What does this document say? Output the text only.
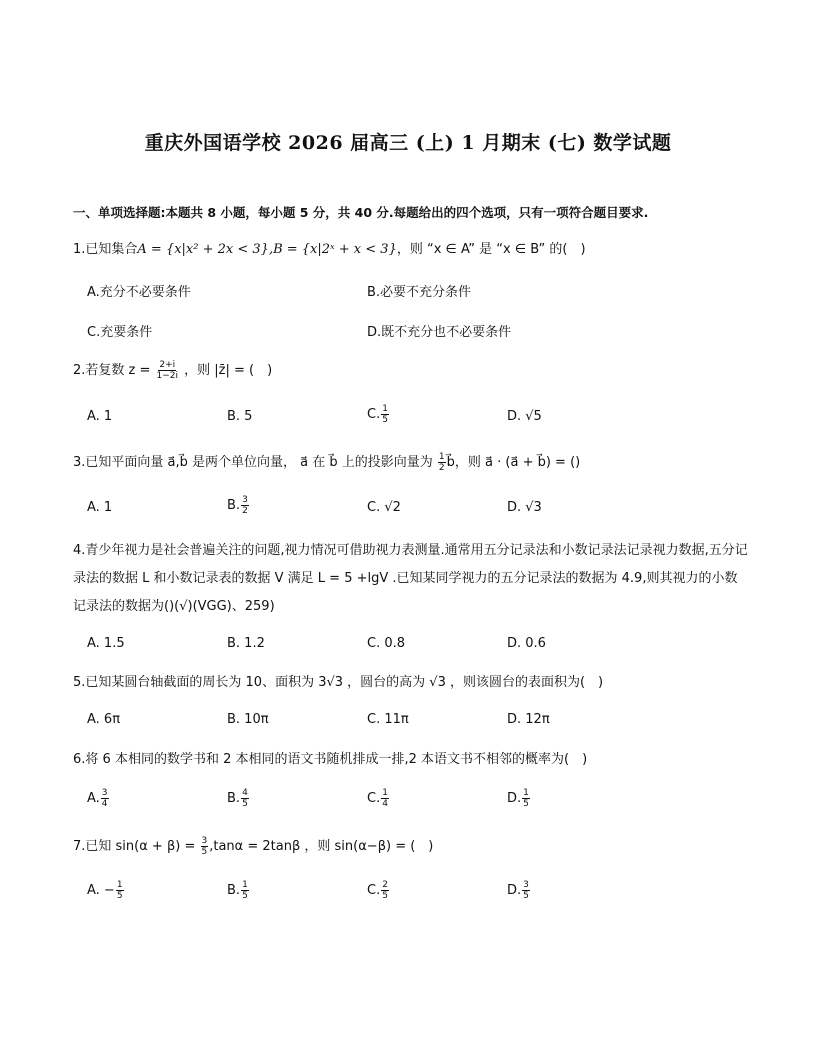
重庆外国语学校 2026 届高三 (上) 1 月期末 (七) 数学试题
一、单项选择题:本题共 8 小题，每小题 5 分，共 40 分.每题给出的四个选项，只有一项符合题目要求.
1.已知集合A = {x|x² + 2x < 3},B = {x|2ˣ + x < 3}，则 “x ∈ A” 是 “x ∈ B” 的(　)
A.充分不必要条件	B.必要不充分条件
C.充要条件	D.既不充分也不必要条件
2.若复数 $z = \frac{2+i}{1-2i}$ ，则 |z̄| = (　)
A. 1	B. 5	C. $\frac{1}{5}$	D. √5
3.已知平面向量 a⃗,b⃗ 是两个单位向量， a⃗ 在 b⃗ 上的投影向量为 $\frac{1}{2}$ b⃗，则 a⃗ · (a⃗ + b⃗) = ()
A. 1	B. $\frac{3}{2}$	C. √2	D. √3
4.青少年视力是社会普遍关注的问题,视力情况可借助视力表测量.通常用五分记录法和小数记录法记录视力数据,五分记录法的数据 L 和小数记录表的数据 V 满足 L = 5 +lgV .已知某同学视力的五分记录法的数据为 4.9,则其视力的小数记录法的数据为()(√)(VGG)、259)
A. 1.5	B. 1.2	C. 0.8	D. 0.6
5.已知某圆台轴截面的周长为 10、面积为 3√3 ，圆台的高为 √3 ，则该圆台的表面积为(　)
A. 6π	B. 10π	C. 11π	D. 12π
6.将 6 本相同的数学书和 2 本相同的语文书随机排成一排,2 本语文书不相邻的概率为(　)
A. $\frac{3}{4}$	B. $\frac{4}{5}$	C. $\frac{1}{4}$	D. $\frac{1}{5}$
7.已知 $\sin(\alpha + \beta) = \frac{3}{5} ,\tan\alpha = 2\tan\beta$ ，则 sin(α−β) = (　)
A. − $\frac{1}{5}$	B. $\frac{1}{5}$	C. $\frac{2}{5}$	D. $\frac{3}{5}$
